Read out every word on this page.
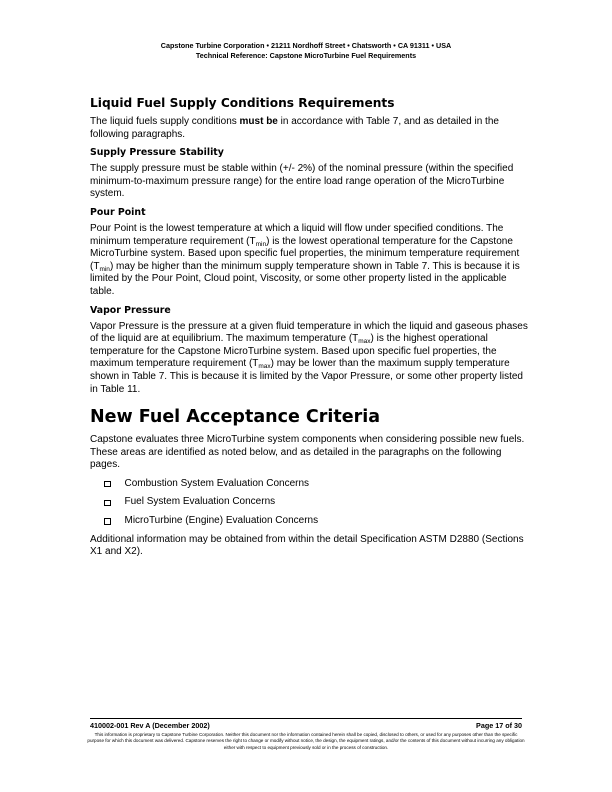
Capstone Turbine Corporation • 21211 Nordhoff Street • Chatsworth • CA 91311 • USA
Technical Reference: Capstone MicroTurbine Fuel Requirements
Liquid Fuel Supply Conditions Requirements

The liquid fuels supply conditions must be in accordance with Table 7, and as detailed in the following paragraphs.

Supply Pressure Stability

The supply pressure must be stable within (+/- 2%) of the nominal pressure (within the specified minimum-to-maximum pressure range) for the entire load range operation of the MicroTurbine system.

Pour Point

Pour Point is the lowest temperature at which a liquid will flow under specified conditions. The minimum temperature requirement $(T_{min})$ is the lowest operational temperature for the Capstone MicroTurbine system. Based upon specific fuel properties, the minimum temperature requirement $(T_{min})$ may be higher than the minimum supply temperature shown in Table 7. This is because it is limited by the Pour Point, Cloud point, Viscosity, or some other property listed in the applicable table.

Vapor Pressure

Vapor Pressure is the pressure at a given fluid temperature in which the liquid and gaseous phases of the liquid are at equilibrium. The maximum temperature $(T_{max})$ is the highest operational temperature for the Capstone MicroTurbine system. Based upon specific fuel properties, the maximum temperature requirement $(T_{max})$ may be lower than the maximum supply temperature shown in Table 7. This is because it is limited by the Vapor Pressure, or some other property listed in Table 11.

New Fuel Acceptance Criteria

Capstone evaluates three MicroTurbine system components when considering possible new fuels. These areas are identified as noted below, and as detailed in the paragraphs on the following pages.

Combustion System Evaluation Concerns
Fuel System Evaluation Concerns
MicroTurbine (Engine) Evaluation Concerns

Additional information may be obtained from within the detail Specification ASTM D2880 (Sections X1 and X2).

410002-001 Rev A (December 2002)	Page 17 of 30
This information is proprietary to Capstone Turbine Corporation. Neither this document nor the information contained herein shall be copied, disclosed to others, or used for any purposes other than the specific purpose for which this document was delivered. Capstone reserves the right to change or modify without notice, the design, the equipment ratings, and/or the contents of this document without incurring any obligation either with respect to equipment previously sold or in the process of construction.
